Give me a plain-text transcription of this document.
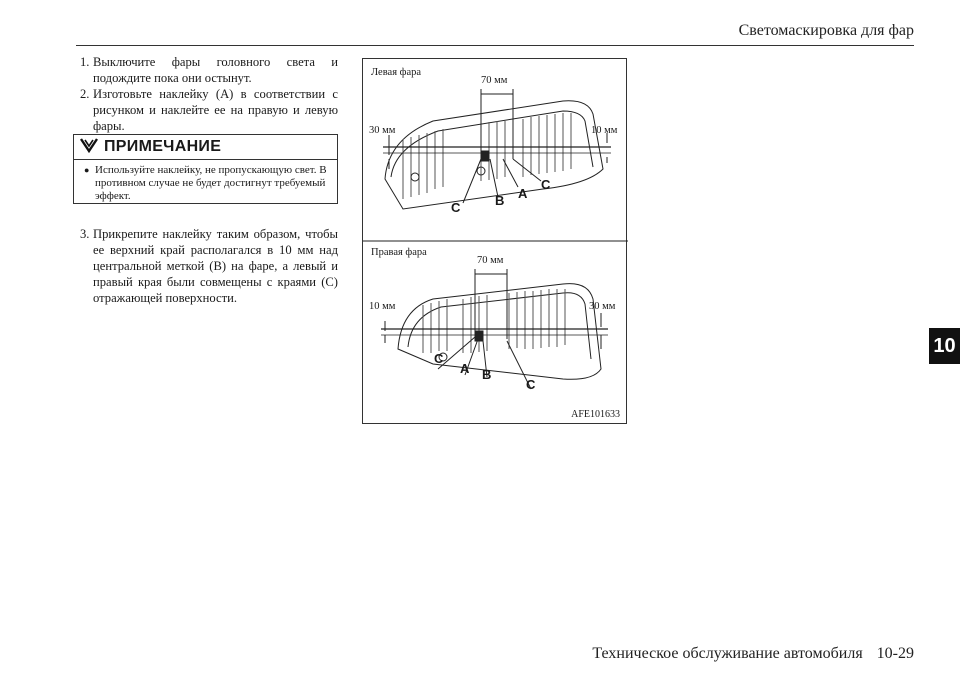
Светомаскировка для фар
1. Выключите фары головного света и подождите пока они остынут.
2. Изготовьте наклейку (A) в соответствии с рисунком и наклейте ее на правую и левую фары.
ПРИМЕЧАНИЕ
● Используйте наклейку, не пропускающую свет. В противном случае не будет достигнут требуемый эффект.
3. Прикрепите наклейку таким образом, чтобы ее верхний край располагался в 10 мм над центральной меткой (B) на фаре, а левый и правый края были совмещены с краями (C) отражающей поверхности.
Левая фара
70 мм
30 мм	10 мм
C	B A
C
Правая фара
70 мм
10 мм	30 мм
C
A B
C
AFE101633
10
Техническое обслуживание автомобиля 10-29
